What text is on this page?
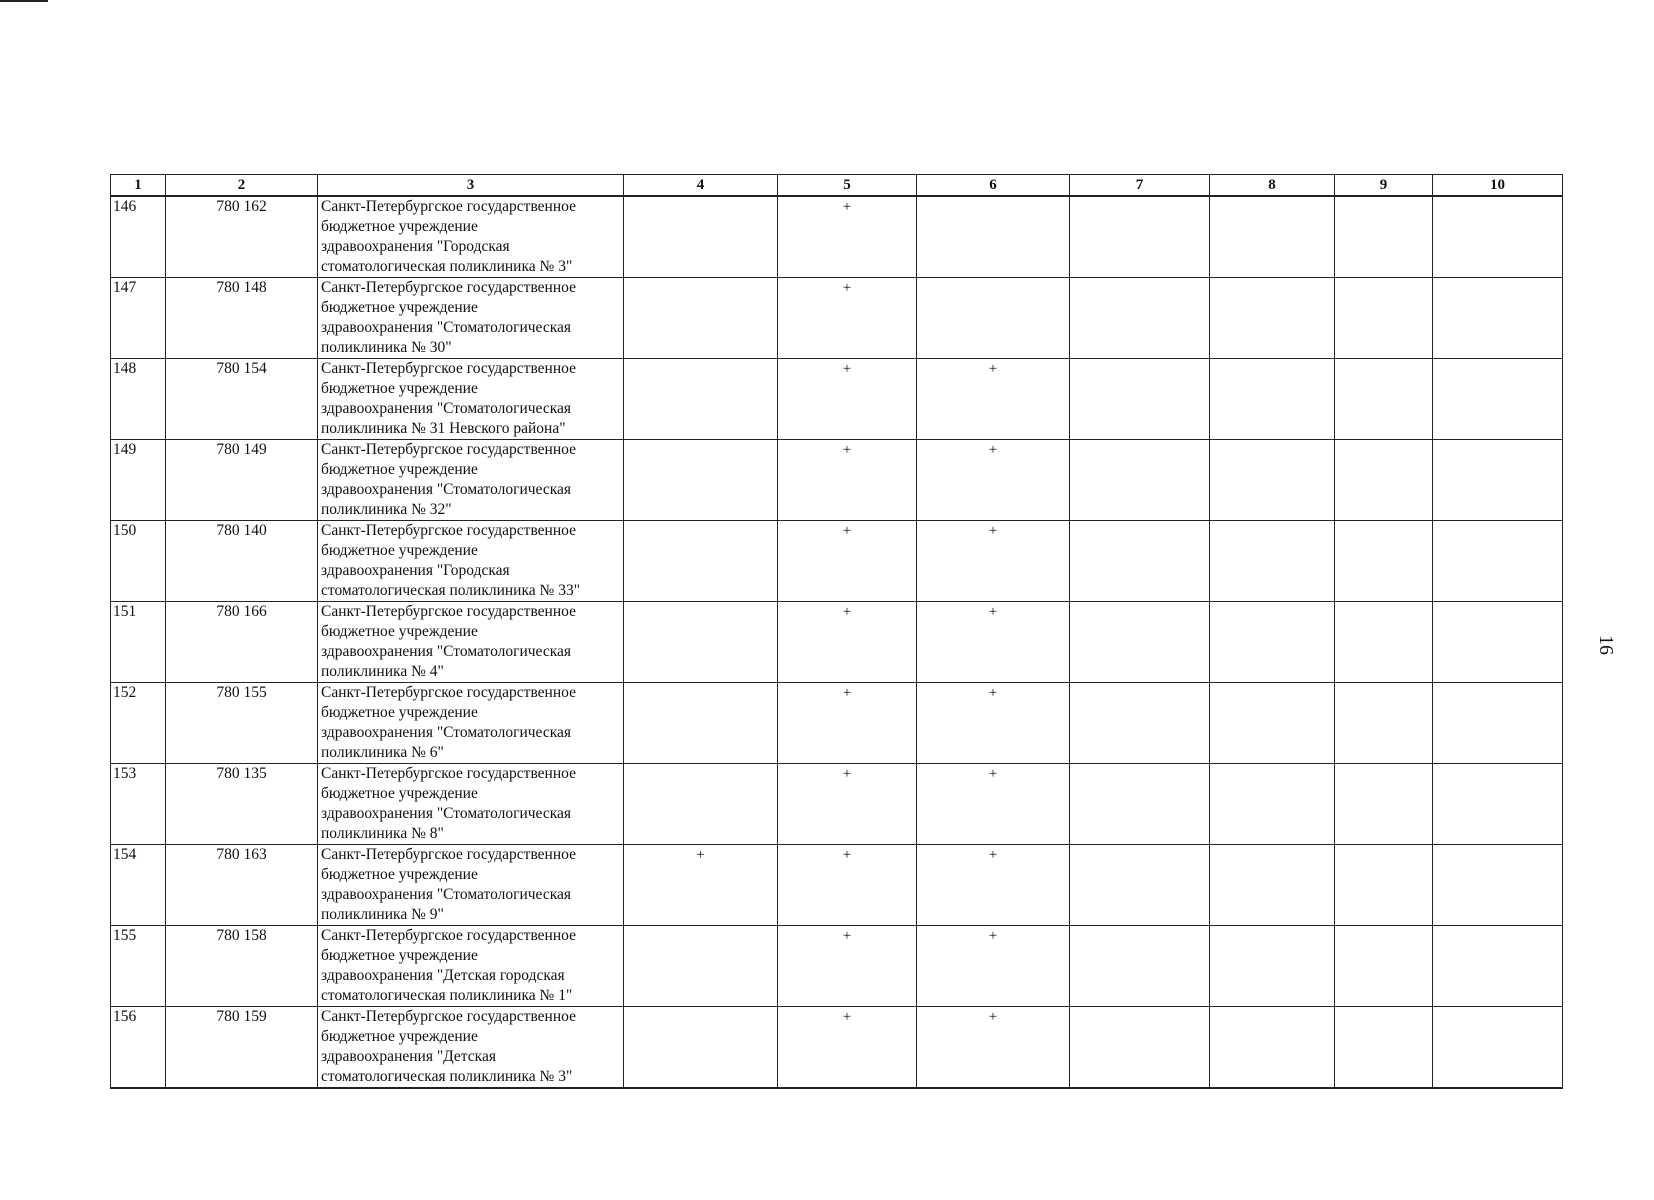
16
1	2	3	4	5	6	7	8	9	10
146	780 162	Санкт-Петербургское государственное
бюджетное учреждение
здравоохранения "Городская
стоматологическая поликлиника № 3"		+					
147	780 148	Санкт-Петербургское государственное
бюджетное учреждение
здравоохранения "Стоматологическая
поликлиника № 30"		+					
148	780 154	Санкт-Петербургское государственное
бюджетное учреждение
здравоохранения "Стоматологическая
поликлиника № 31 Невского района"		+	+				
149	780 149	Санкт-Петербургское государственное
бюджетное учреждение
здравоохранения "Стоматологическая
поликлиника № 32"		+	+				
150	780 140	Санкт-Петербургское государственное
бюджетное учреждение
здравоохранения "Городская
стоматологическая поликлиника № 33"		+	+				
151	780 166	Санкт-Петербургское государственное
бюджетное учреждение
здравоохранения "Стоматологическая
поликлиника № 4"		+	+				
152	780 155	Санкт-Петербургское государственное
бюджетное учреждение
здравоохранения "Стоматологическая
поликлиника № 6"		+	+				
153	780 135	Санкт-Петербургское государственное
бюджетное учреждение
здравоохранения "Стоматологическая
поликлиника № 8"		+	+				
154	780 163	Санкт-Петербургское государственное
бюджетное учреждение
здравоохранения "Стоматологическая
поликлиника № 9"	+	+	+				
155	780 158	Санкт-Петербургское государственное
бюджетное учреждение
здравоохранения "Детская городская
стоматологическая поликлиника № 1"		+	+				
156	780 159	Санкт-Петербургское государственное
бюджетное учреждение
здравоохранения "Детская
стоматологическая поликлиника № 3"		+	+				
